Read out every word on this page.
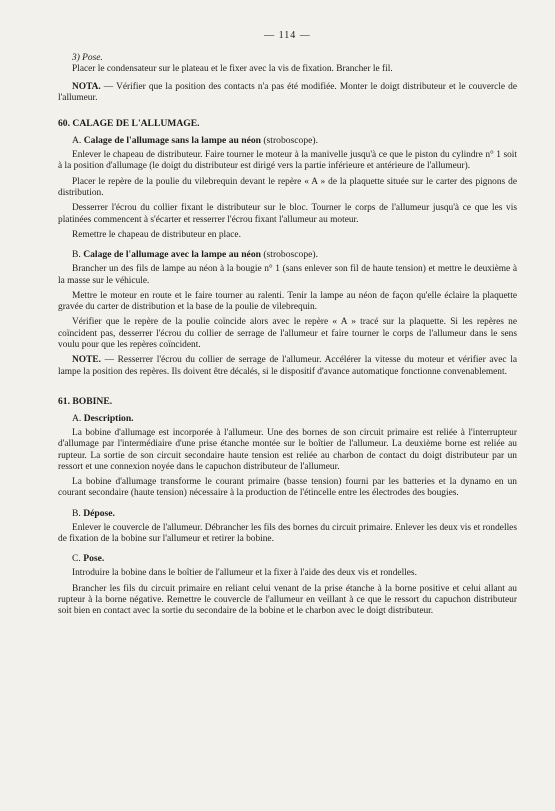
— 114 —

3) Pose.

Placer le condensateur sur le plateau et le fixer avec la vis de fixation. Brancher le fil.

NOTA. — Vérifier que la position des contacts n'a pas été modifiée. Monter le doigt distributeur et le couvercle de l'allumeur.

60. CALAGE DE L'ALLUMAGE.
A. Calage de l'allumage sans la lampe au néon (stroboscope).

Enlever le chapeau de distributeur. Faire tourner le moteur à la manivelle jusqu'à ce que le piston du cylindre n° 1 soit à la position d'allumage (le doigt du distributeur est dirigé vers la partie inférieure et antérieure de l'allumeur).

Placer le repère de la poulie du vilebrequin devant le repère « A » de la plaquette située sur le carter des pignons de distribution.

Desserrer l'écrou du collier fixant le distributeur sur le bloc. Tourner le corps de l'allumeur jusqu'à ce que les vis platinées commencent à s'écarter et resserrer l'écrou fixant l'allumeur au moteur.

Remettre le chapeau de distributeur en place.

B. Calage de l'allumage avec la lampe au néon (stroboscope).

Brancher un des fils de lampe au néon à la bougie n° 1 (sans enlever son fil de haute tension) et mettre le deuxième à la masse sur le véhicule.

Mettre le moteur en route et le faire tourner au ralenti. Tenir la lampe au néon de façon qu'elle éclaire la plaquette gravée du carter de distribution et la base de la poulie de vilebrequin.

Vérifier que le repère de la poulie coïncide alors avec le repère « A » tracé sur la plaquette. Si les repères ne coïncident pas, desserrer l'écrou du collier de serrage de l'allumeur et faire tourner le corps de l'allumeur dans le sens voulu pour que les repères coïncident.

NOTE. — Resserrer l'écrou du collier de serrage de l'allumeur. Accélérer la vitesse du moteur et vérifier avec la lampe la position des repères. Ils doivent être décalés, si le dispositif d'avance automatique fonctionne convenablement.

61. BOBINE.
A. Description.

La bobine d'allumage est incorporée à l'allumeur. Une des bornes de son circuit primaire est reliée à l'interrupteur d'allumage par l'intermédiaire d'une prise étanche montée sur le boîtier de l'allumeur. La deuxième borne est reliée au rupteur. La sortie de son circuit secondaire haute tension est reliée au charbon de contact du doigt distributeur par un ressort et une connexion noyée dans le capuchon distributeur de l'allumeur.

La bobine d'allumage transforme le courant primaire (basse tension) fourni par les batteries et la dynamo en un courant secondaire (haute tension) nécessaire à la production de l'étincelle entre les électrodes des bougies.

B. Dépose.

Enlever le couvercle de l'allumeur. Débrancher les fils des bornes du circuit primaire. Enlever les deux vis et rondelles de fixation de la bobine sur l'allumeur et retirer la bobine.

C. Pose.

Introduire la bobine dans le boîtier de l'allumeur et la fixer à l'aide des deux vis et rondelles.

Brancher les fils du circuit primaire en reliant celui venant de la prise étanche à la borne positive et celui allant au rupteur à la borne négative. Remettre le couvercle de l'allumeur en veillant à ce que le ressort du capuchon distributeur soit bien en contact avec la sortie du secondaire de la bobine et le charbon avec le doigt distributeur.
